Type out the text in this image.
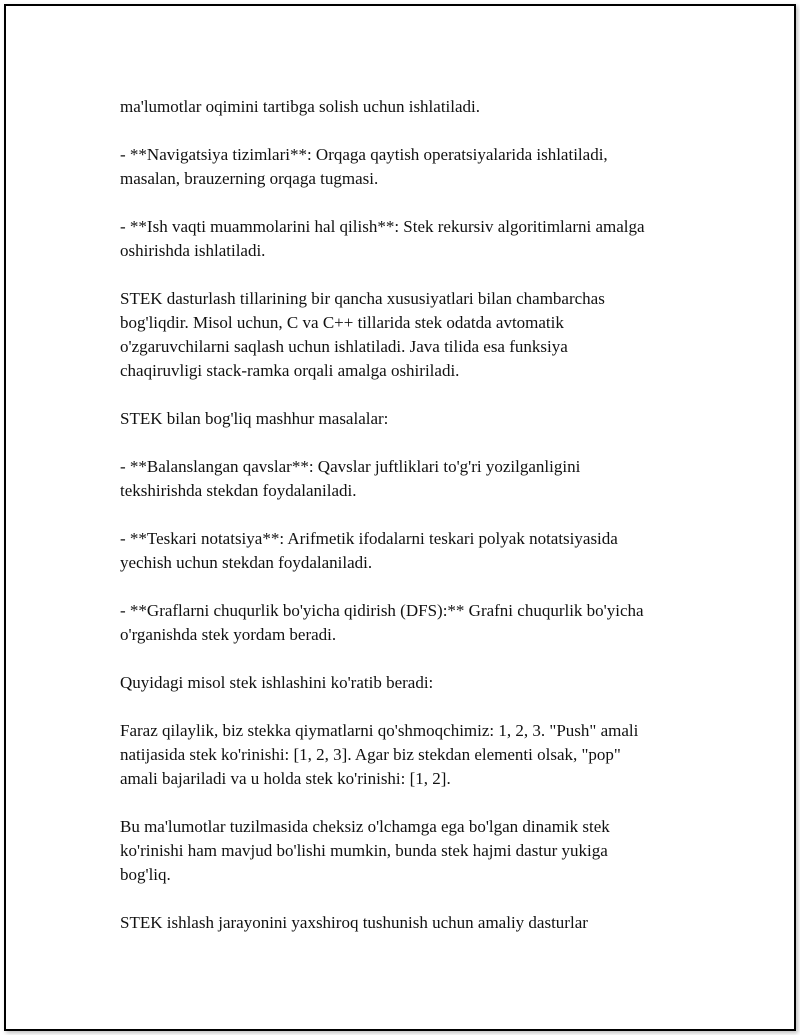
ma'lumotlar oqimini tartibga solish uchun ishlatiladi.

- **Navigatsiya tizimlari**: Orqaga qaytish operatsiyalarida ishlatiladi,
masalan, brauzerning orqaga tugmasi.

- **Ish vaqti muammolarini hal qilish**: Stek rekursiv algoritimlarni amalga
oshirishda ishlatiladi.

STEK dasturlash tillarining bir qancha xususiyatlari bilan chambarchas
bog'liqdir. Misol uchun, C va C++ tillarida stek odatda avtomatik
o'zgaruvchilarni saqlash uchun ishlatiladi. Java tilida esa funksiya
chaqiruvligi stack-ramka orqali amalga oshiriladi.

STEK bilan bog'liq mashhur masalalar:

- **Balanslangan qavslar**: Qavslar juftliklari to'g'ri yozilganligini
tekshirishda stekdan foydalaniladi.

- **Teskari notatsiya**: Arifmetik ifodalarni teskari polyak notatsiyasida
yechish uchun stekdan foydalaniladi.

- **Graflarni chuqurlik bo'yicha qidirish (DFS):** Grafni chuqurlik bo'yicha
o'rganishda stek yordam beradi.

Quyidagi misol stek ishlashini ko'ratib beradi:

Faraz qilaylik, biz stekka qiymatlarni qo'shmoqchimiz: 1, 2, 3. "Push" amali
natijasida stek ko'rinishi: [1, 2, 3]. Agar biz stekdan elementi olsak, "pop"
amali bajariladi va u holda stek ko'rinishi: [1, 2].

Bu ma'lumotlar tuzilmasida cheksiz o'lchamga ega bo'lgan dinamik stek
ko'rinishi ham mavjud bo'lishi mumkin, bunda stek hajmi dastur yukiga
bog'liq.

STEK ishlash jarayonini yaxshiroq tushunish uchun amaliy dasturlar
